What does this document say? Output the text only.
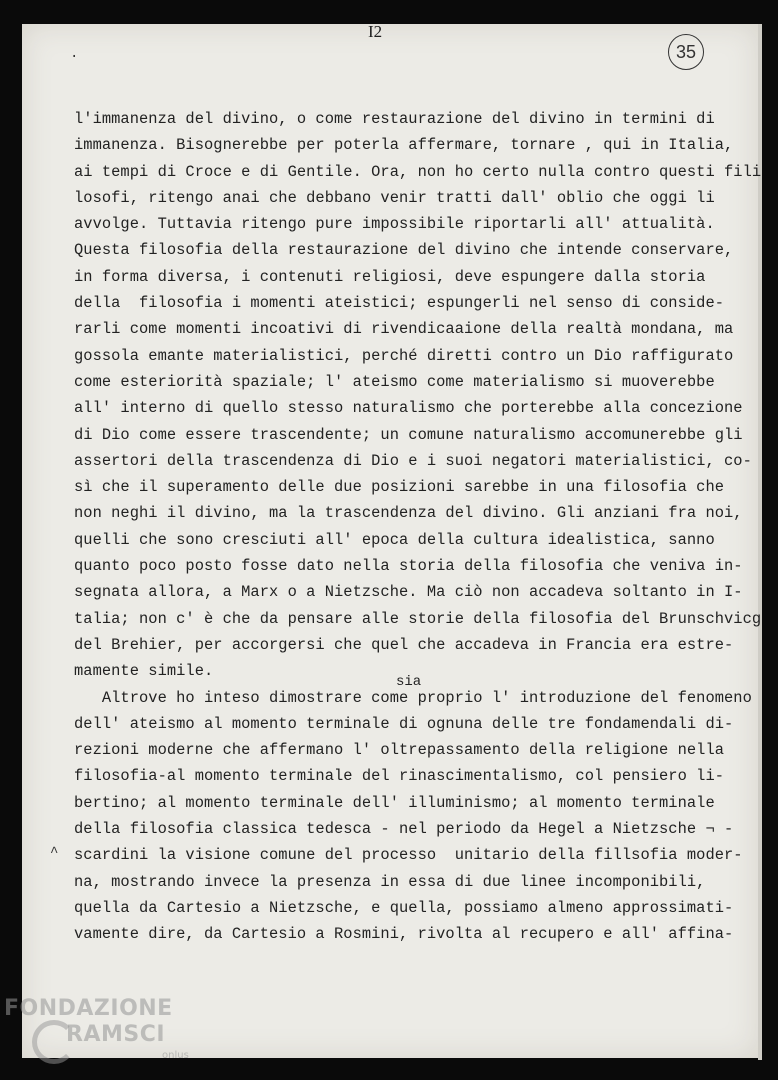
I2
35
.
l'immanenza del divino, o come restaurazione del divino in termini di
immanenza. Bisognerebbe per poterla affermare, tornare , qui in Italia,
ai tempi di Croce e di Gentile. Ora, non ho certo nulla contro questi fili
losofi, ritengo anai che debbano venir tratti dall' oblio che oggi li
avvolge. Tuttavia ritengo pure impossibile riportarli all' attualità.
Questa filosofia della restaurazione del divino che intende conservare,
in forma diversa, i contenuti religiosi, deve espungere dalla storia
della  filosofia i momenti ateistici; espungerli nel senso di conside-
rarli come momenti incoativi di rivendicaaione della realtà mondana, ma
gossola emante materialistici, perché diretti contro un Dio raffigurato
come esteriorità spaziale; l' ateismo come materialismo si muoverebbe
all' interno di quello stesso naturalismo che porterebbe alla concezione
di Dio come essere trascendente; un comune naturalismo accomunerebbe gli
assertori della trascendenza di Dio e i suoi negatori materialistici, co-
sì che il superamento delle due posizioni sarebbe in una filosofia che
non neghi il divino, ma la trascendenza del divino. Gli anziani fra noi,
quelli che sono cresciuti all' epoca della cultura idealistica, sanno
quanto poco posto fosse dato nella storia della filosofia che veniva in-
segnata allora, a Marx o a Nietzsche. Ma ciò non accadeva soltanto in I-
talia; non c' è che da pensare alle storie della filosofia del Brunschvicg
del Brehier, per accorgersi che quel che accadeva in Francia era estre-
mamente simile.
Altrove ho inteso dimostrare come proprio l' introduzione del fenomeno
dell' ateismo al momento terminale di ognuna delle tre fondamendali di-
rezioni moderne che affermano l' oltrepassamento della religione nella
filosofia-al momento terminale del rinascimentalismo, col pensiero li-
bertino; al momento terminale dell' illuminismo; al momento terminale
della filosofia classica tedesca - nel periodo da Hegel a Nietzsche ¬ -
scardini la visione comune del processo  unitario della fillsofia moder-
na, mostrando invece la presenza in essa di due linee incomponibili,
quella da Cartesio a Nietzsche, e quella, possiamo almeno approssimati-
vamente dire, da Cartesio a Rosmini, rivolta al recupero e all' affina-
sia
^
FONDAZIONE
RAMSCI
onlus
